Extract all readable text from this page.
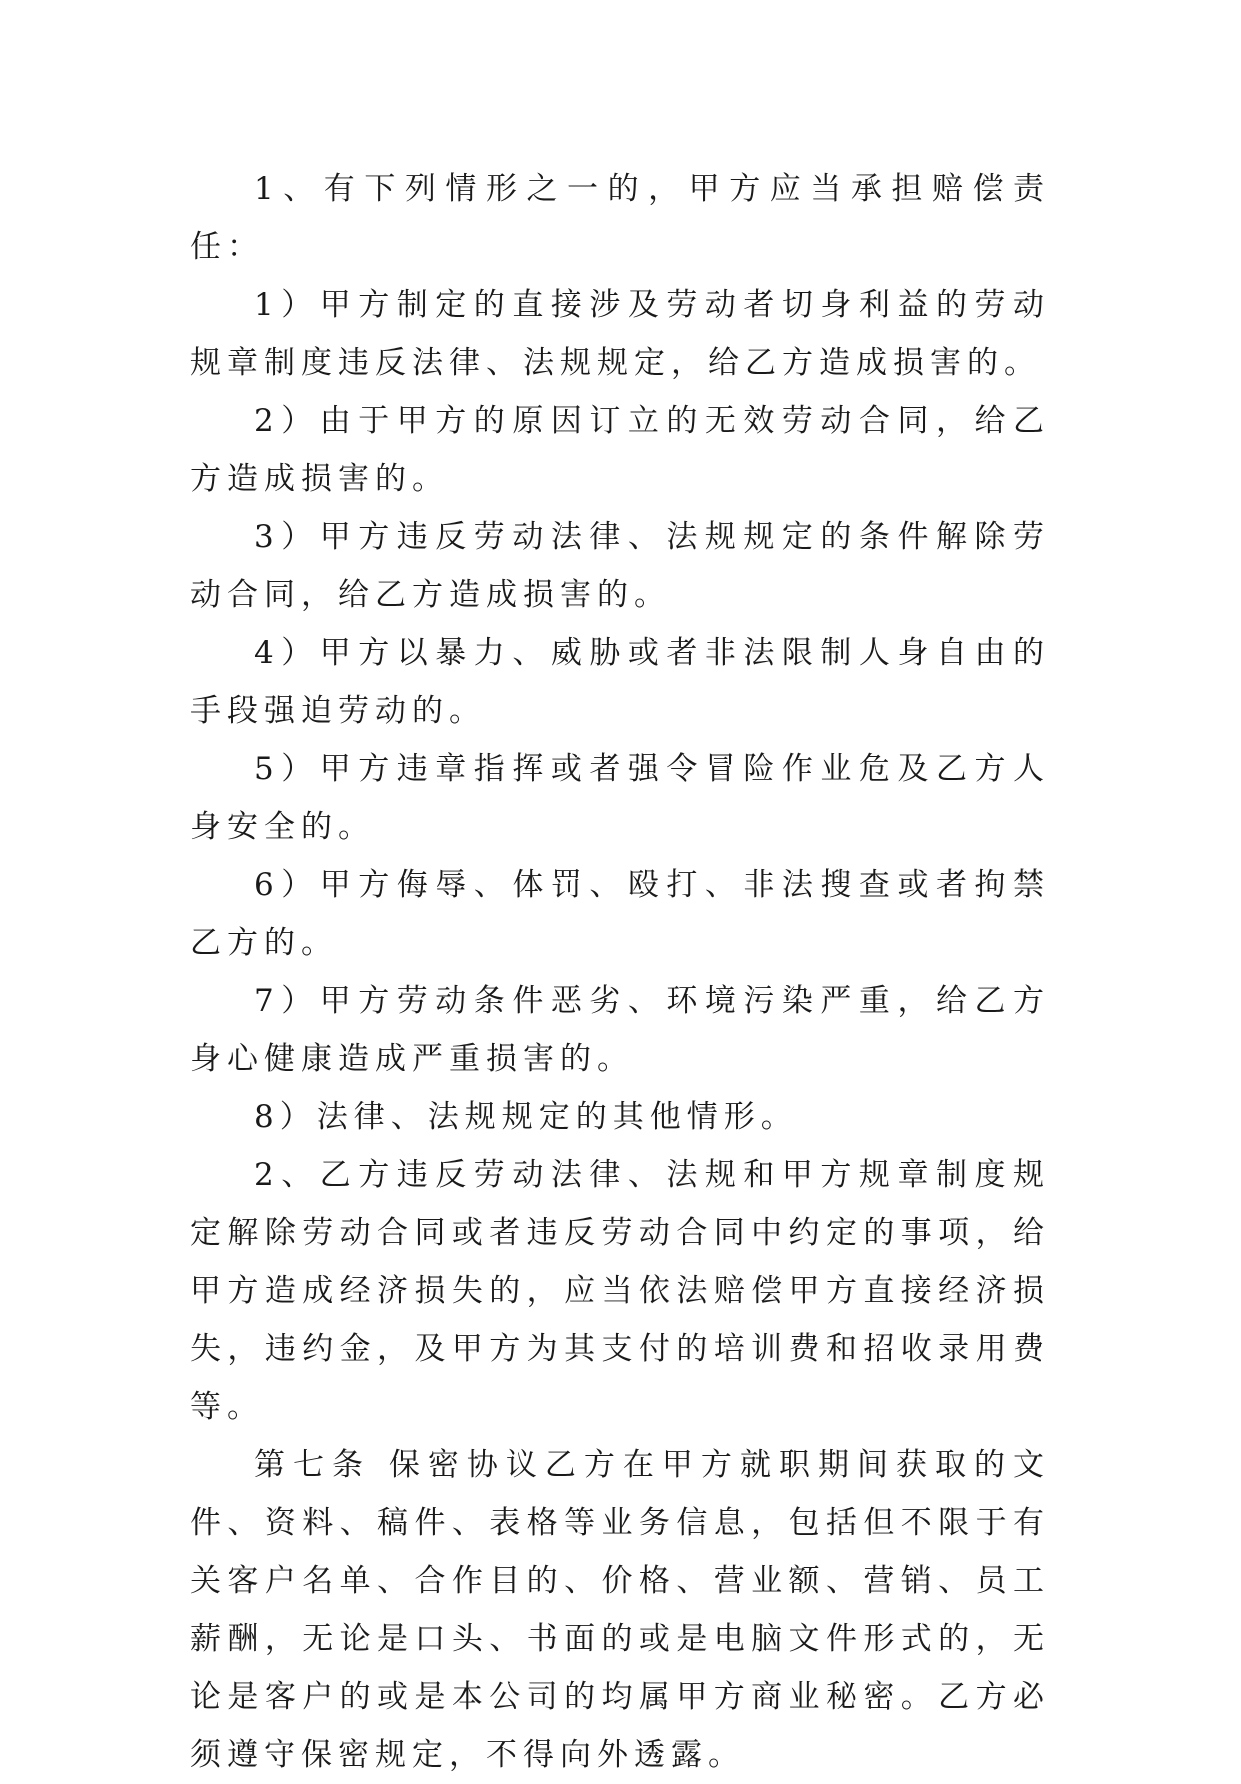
1、有下列情形之一的，甲方应当承担赔偿责任：

1）甲方制定的直接涉及劳动者切身利益的劳动规章制度违反法律、法规规定，给乙方造成损害的。

2）由于甲方的原因订立的无效劳动合同，给乙方造成损害的。

3）甲方违反劳动法律、法规规定的条件解除劳动合同，给乙方造成损害的。

4）甲方以暴力、威胁或者非法限制人身自由的手段强迫劳动的。

5）甲方违章指挥或者强令冒险作业危及乙方人身安全的。

6）甲方侮辱、体罚、殴打、非法搜查或者拘禁乙方的。

7）甲方劳动条件恶劣、环境污染严重，给乙方身心健康造成严重损害的。

8）法律、法规规定的其他情形。

2、乙方违反劳动法律、法规和甲方规章制度规定解除劳动合同或者违反劳动合同中约定的事项，给甲方造成经济损失的，应当依法赔偿甲方直接经济损失，违约金，及甲方为其支付的培训费和招收录用费等。

第七条 保密协议乙方在甲方就职期间获取的文件、资料、稿件、表格等业务信息，包括但不限于有关客户名单、合作目的、价格、营业额、营销、员工薪酬，无论是口头、书面的或是电脑文件形式的，无论是客户的或是本公司的均属甲方商业秘密。乙方必须遵守保密规定，不得向外透露。
